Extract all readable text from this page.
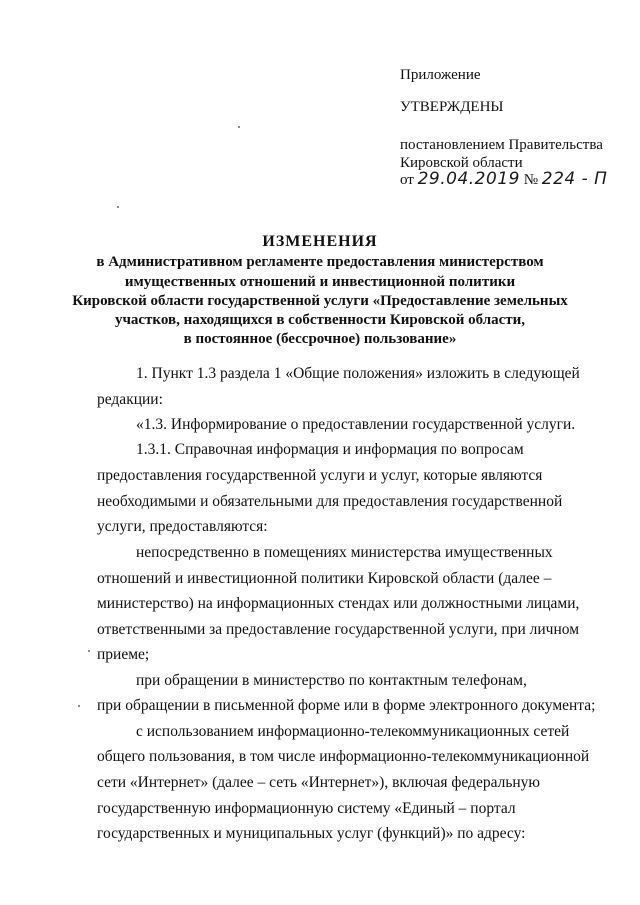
Приложение
УТВЕРЖДЕНЫ
постановлением Правительства
Кировской области
от 29.04.2019 № 224 - П
ИЗМЕНЕНИЯ
в Административном регламенте предоставления министерством
имущественных отношений и инвестиционной политики
Кировской области государственной услуги «Предоставление земельных
участков, находящихся в собственности Кировской области,
в постоянное (бессрочное) пользование»
1. Пункт 1.3 раздела 1 «Общие положения» изложить в следующей
редакции:
«1.3. Информирование о предоставлении государственной услуги.
1.3.1. Справочная информация и информация по вопросам
предоставления государственной услуги и услуг, которые являются
необходимыми и обязательными для предоставления государственной
услуги, предоставляются:
непосредственно в помещениях министерства имущественных
отношений и инвестиционной политики Кировской области (далее –
министерство) на информационных стендах или должностными лицами,
ответственными за предоставление государственной услуги, при личном
приеме;
при обращении в министерство по контактным телефонам,
при обращении в письменной форме или в форме электронного документа;
с использованием информационно-телекоммуникационных сетей
общего пользования, в том числе информационно-телекоммуникационной
сети «Интернет» (далее – сеть «Интернет»), включая федеральную
государственную информационную систему «Единый – портал
государственных и муниципальных услуг (функций)» по адресу:
